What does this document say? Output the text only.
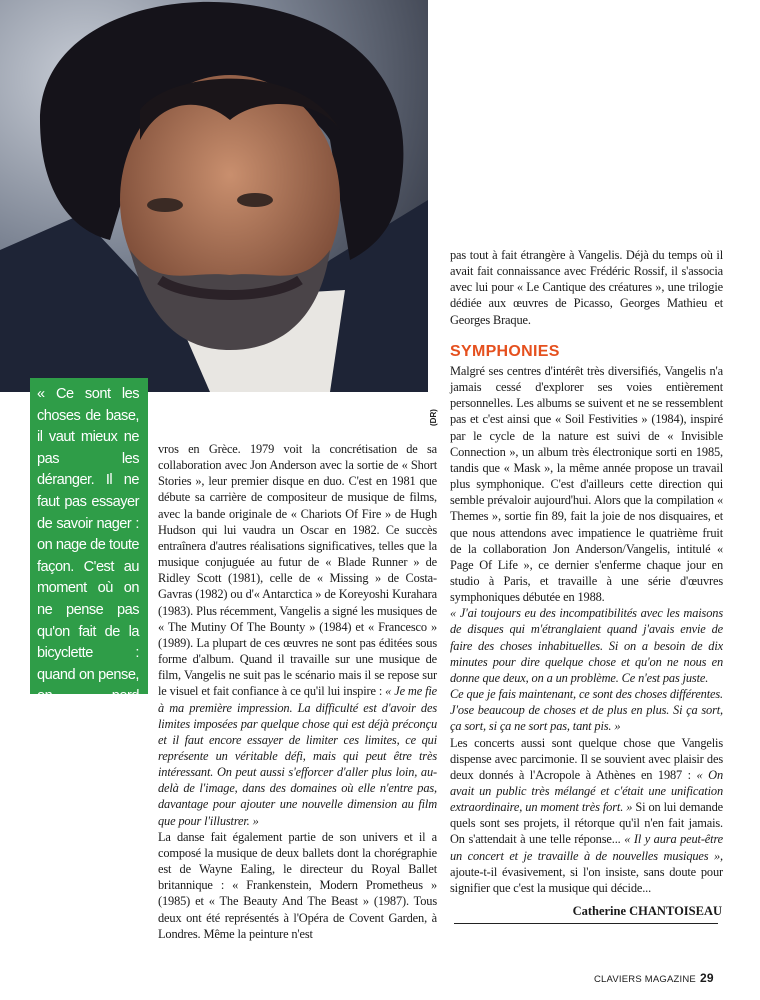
(DR)

« Ce sont les choses de base, il vaut mieux ne pas les déranger. Il ne faut pas essayer de savoir nager : on nage de toute façon. C'est au moment où on ne pense pas qu'on fait de la bicyclette : quand on pense, on perd l'équilibre... et on se casse la gueule ! »

vros en Grèce. 1979 voit la concrétisation de sa collaboration avec Jon Anderson avec la sortie de « Short Stories », leur premier disque en duo. C'est en 1981 que débute sa carrière de compositeur de musique de films, avec la bande originale de « Chariots Of Fire » de Hugh Hudson qui lui vaudra un Oscar en 1982. Ce succès entraînera d'autres réalisations significatives, telles que la musique conjuguée au futur de « Blade Runner » de Ridley Scott (1981), celle de « Missing » de Costa-Gavras (1982) ou d'« Antarctica » de Koreyoshi Kurahara (1983). Plus récemment, Vangelis a signé les musiques de « The Mutiny Of The Bounty » (1984) et « Francesco » (1989). La plupart de ces œuvres ne sont pas éditées sous forme d'album. Quand il travaille sur une musique de film, Vangelis ne suit pas le scénario mais il se repose sur le visuel et fait confiance à ce qu'il lui inspire : « Je me fie à ma première impression. La difficulté est d'avoir des limites imposées par quelque chose qui est déjà préconçu et il faut encore essayer de limiter ces limites, ce qui représente un véritable défi, mais qui peut être très intéressant. On peut aussi s'efforcer d'aller plus loin, au-delà de l'image, dans des domaines où elle n'entre pas, davantage pour ajouter une nouvelle dimension au film que pour l'illustrer. »

La danse fait également partie de son univers et il a composé la musique de deux ballets dont la chorégraphie est de Wayne Ealing, le directeur du Royal Ballet britannique : « Frankenstein, Modern Prometheus » (1985) et « The Beauty And The Beast » (1987). Tous deux ont été représentés à l'Opéra de Covent Garden, à Londres. Même la peinture n'est

pas tout à fait étrangère à Vangelis. Déjà du temps où il avait fait connaissance avec Frédéric Rossif, il s'associa avec lui pour « Le Cantique des créatures », une trilogie dédiée aux œuvres de Picasso, Georges Mathieu et Georges Braque.

SYMPHONIES

Malgré ses centres d'intérêt très diversifiés, Vangelis n'a jamais cessé d'explorer ses voies entièrement personnelles. Les albums se suivent et ne se ressemblent pas et c'est ainsi que « Soil Festivities » (1984), inspiré par le cycle de la nature est suivi de « Invisible Connection », un album très électronique sorti en 1985, tandis que « Mask », la même année propose un travail plus symphonique. C'est d'ailleurs cette direction qui semble prévaloir aujourd'hui. Alors que la compilation « Themes », sortie fin 89, fait la joie de nos disquaires, et que nous attendons avec impatience le quatrième fruit de la collaboration Jon Anderson/Vangelis, intitulé « Page Of Life », ce dernier s'enferme chaque jour en studio à Paris, et travaille à une série d'œuvres symphoniques débutée en 1988.

« J'ai toujours eu des incompatibilités avec les maisons de disques qui m'étranglaient quand j'avais envie de faire des choses inhabituelles. Si on a besoin de dix minutes pour dire quelque chose et qu'on ne nous en donne que deux, on a un problème. Ce n'est pas juste.

Ce que je fais maintenant, ce sont des choses différentes. J'ose beaucoup de choses et de plus en plus. Si ça sort, ça sort, si ça ne sort pas, tant pis. »

Les concerts aussi sont quelque chose que Vangelis dispense avec parcimonie. Il se souvient avec plaisir des deux donnés à l'Acropole à Athènes en 1987 : « On avait un public très mélangé et c'était une unification extraordinaire, un moment très fort. » Si on lui demande quels sont ses projets, il rétorque qu'il n'en fait jamais. On s'attendait à une telle réponse... « Il y aura peut-être un concert et je travaille à de nouvelles musiques », ajoute-t-il évasivement, si l'on insiste, sans doute pour signifier que c'est la musique qui décide...

Catherine CHANTOISEAU
CLAVIERS MAGAZINE 29
